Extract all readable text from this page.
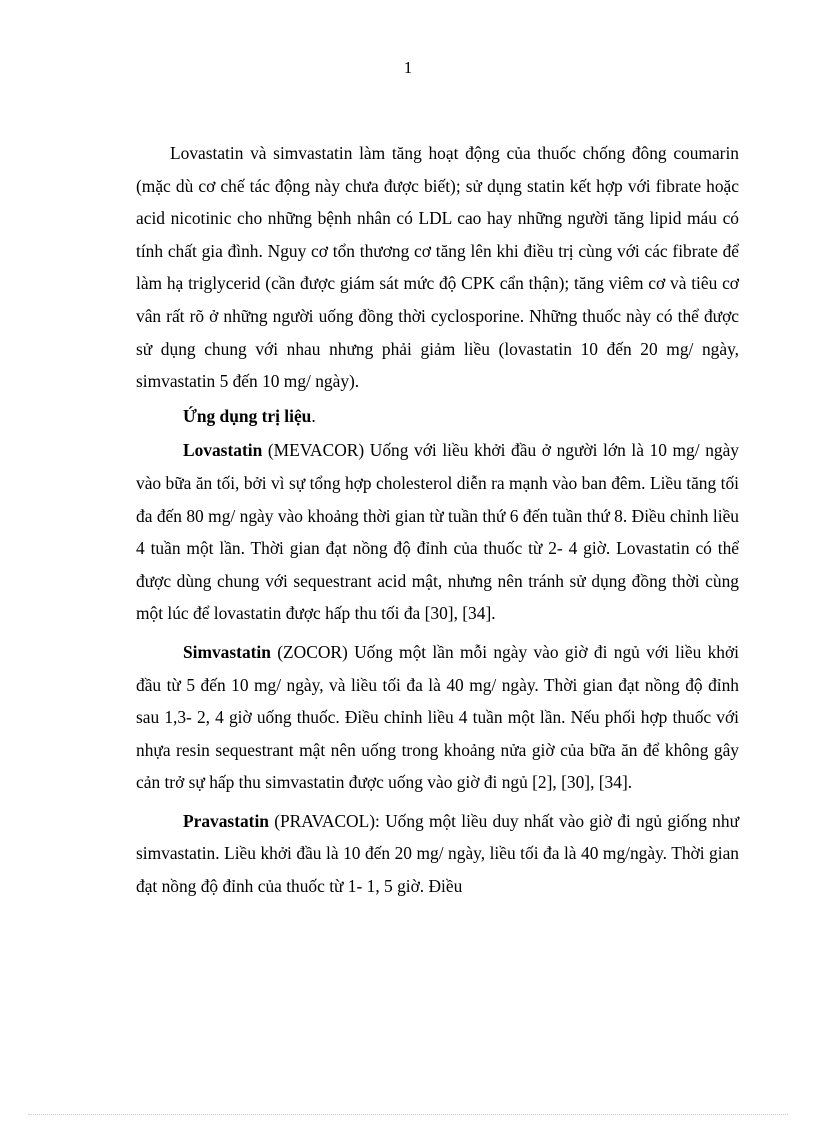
1

Lovastatin và simvastatin làm tăng hoạt động của thuốc chống đông coumarin (mặc dù cơ chế tác động này chưa được biết); sử dụng statin kết hợp với fibrate hoặc acid nicotinic cho những bệnh nhân có LDL cao hay những người tăng lipid máu có tính chất gia đình. Nguy cơ tổn thương cơ tăng lên khi điều trị cùng với các fibrate để làm hạ triglycerid (cần được giám sát mức độ CPK cẩn thận); tăng viêm cơ và tiêu cơ vân rất rõ ở những người uống đồng thời cyclosporine. Những thuốc này có thể được sử dụng chung với nhau nhưng phải giảm liều (lovastatin 10 đến 20 mg/ ngày, simvastatin 5 đến 10 mg/ ngày).

Ứng dụng trị liệu.

Lovastatin (MEVACOR) Uống với liều khởi đầu ở người lớn là 10 mg/ ngày vào bữa ăn tối, bởi vì sự tổng hợp cholesterol diễn ra mạnh vào ban đêm. Liều tăng tối đa đến 80 mg/ ngày vào khoảng thời gian từ tuần thứ 6 đến tuần thứ 8. Điều chỉnh liều 4 tuần một lần. Thời gian đạt nồng độ đỉnh của thuốc từ 2- 4 giờ. Lovastatin có thể được dùng chung với sequestrant acid mật, nhưng nên tránh sử dụng đồng thời cùng một lúc để lovastatin được hấp thu tối đa [30], [34].

Simvastatin (ZOCOR) Uống một lần mỗi ngày vào giờ đi ngủ với liều khởi đầu từ 5 đến 10 mg/ ngày, và liều tối đa là 40 mg/ ngày. Thời gian đạt nồng độ đỉnh sau 1,3- 2, 4 giờ uống thuốc. Điều chỉnh liều 4 tuần một lần. Nếu phối hợp thuốc với nhựa resin sequestrant mật nên uống trong khoảng nửa giờ của bữa ăn để không gây cản trở sự hấp thu simvastatin được uống vào giờ đi ngủ [2], [30], [34].

Pravastatin (PRAVACOL): Uống một liều duy nhất vào giờ đi ngủ giống như simvastatin. Liều khởi đầu là 10 đến 20 mg/ ngày, liều tối đa là 40 mg/ngày. Thời gian đạt nồng độ đỉnh của thuốc từ 1- 1, 5 giờ. Điều
